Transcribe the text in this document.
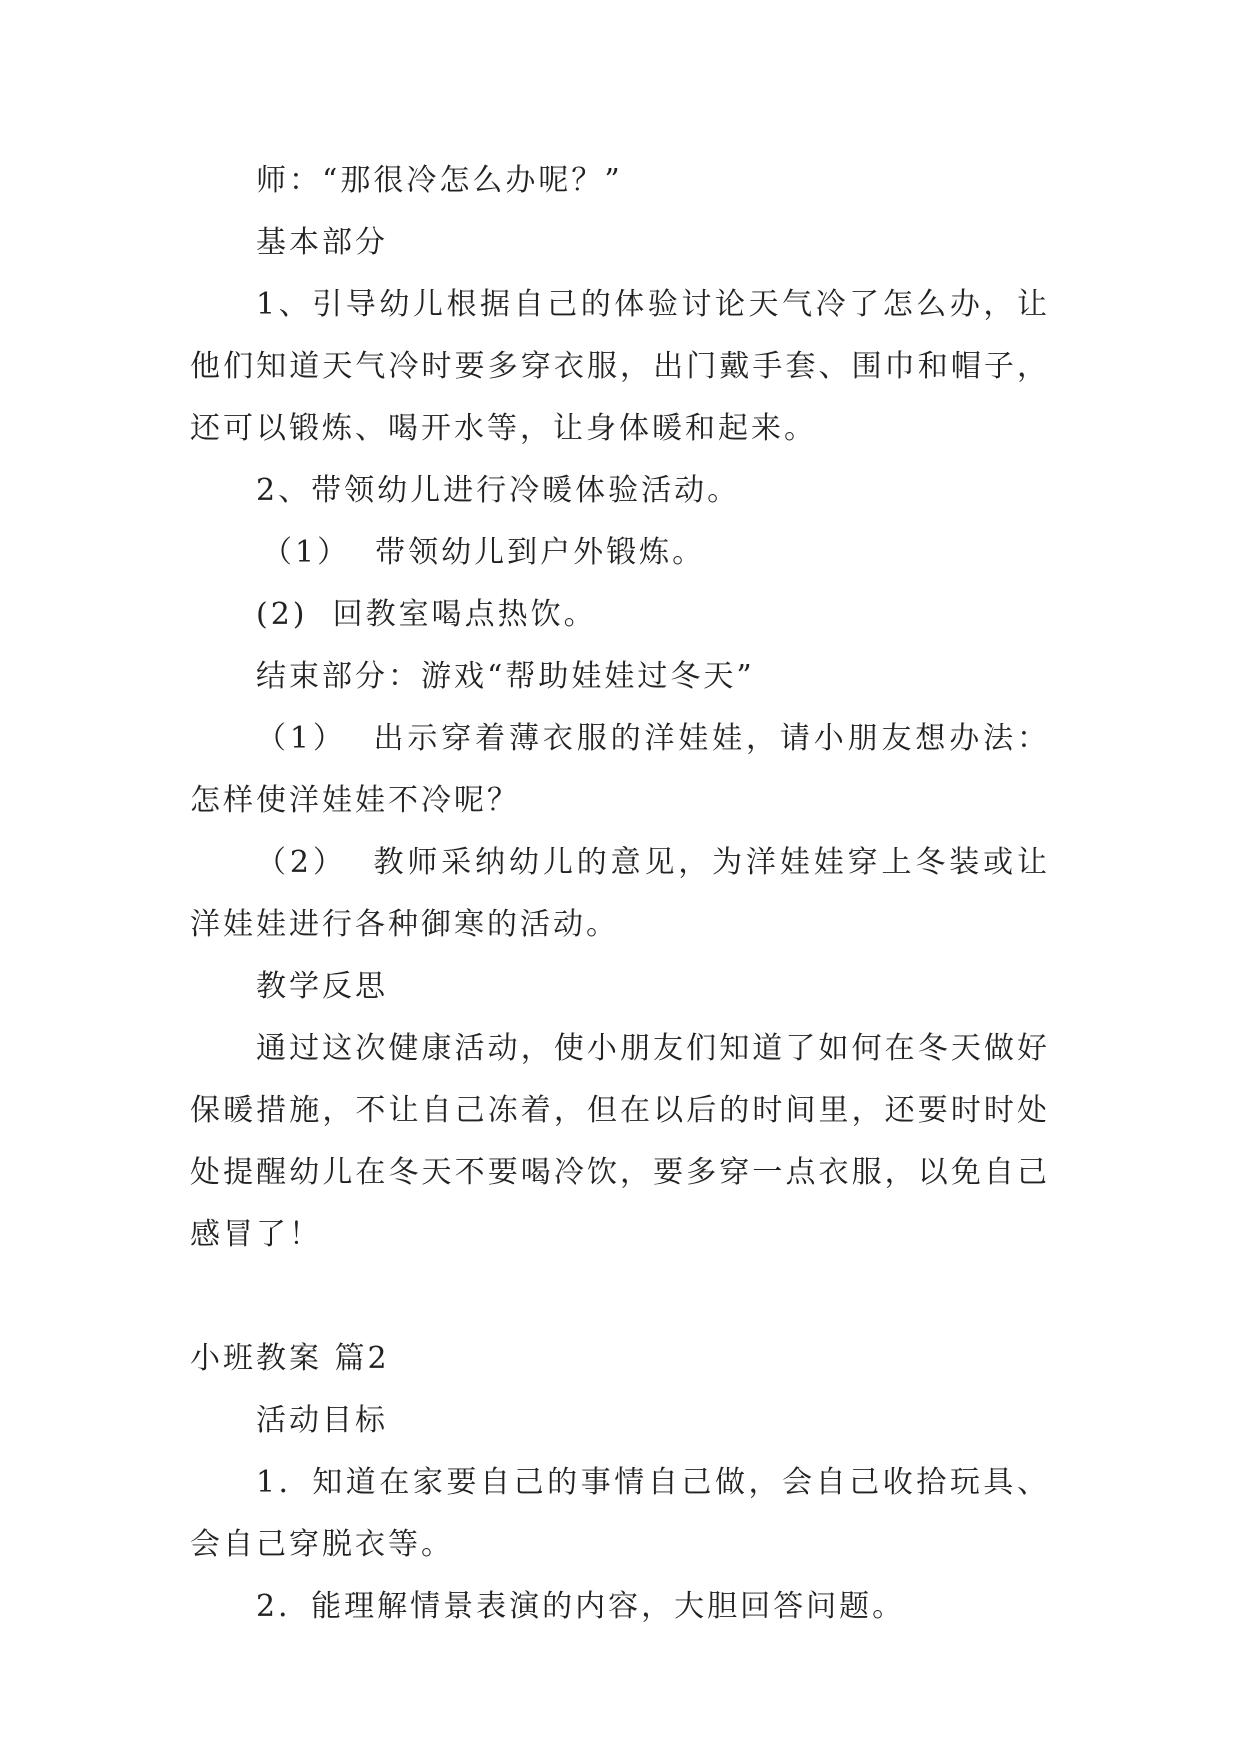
师：“那很冷怎么办呢？”

基本部分

1、引导幼儿根据自己的体验讨论天气冷了怎么办，让他们知道天气冷时要多穿衣服，出门戴手套、围巾和帽子，还可以锻炼、喝开水等，让身体暖和起来。

2、带领幼儿进行冷暖体验活动。

（1）  带领幼儿到户外锻炼。

(2)  回教室喝点热饮。

结束部分：游戏“帮助娃娃过冬天”

（1）  出示穿着薄衣服的洋娃娃，请小朋友想办法：怎样使洋娃娃不冷呢？

（2）  教师采纳幼儿的意见，为洋娃娃穿上冬装或让洋娃娃进行各种御寒的活动。

教学反思

通过这次健康活动，使小朋友们知道了如何在冬天做好保暖措施，不让自己冻着，但在以后的时间里，还要时时处处提醒幼儿在冬天不要喝冷饮，要多穿一点衣服，以免自己感冒了！

小班教案 篇2

活动目标

1．知道在家要自己的事情自己做，会自己收拾玩具、会自己穿脱衣等。

2．能理解情景表演的内容，大胆回答问题。
